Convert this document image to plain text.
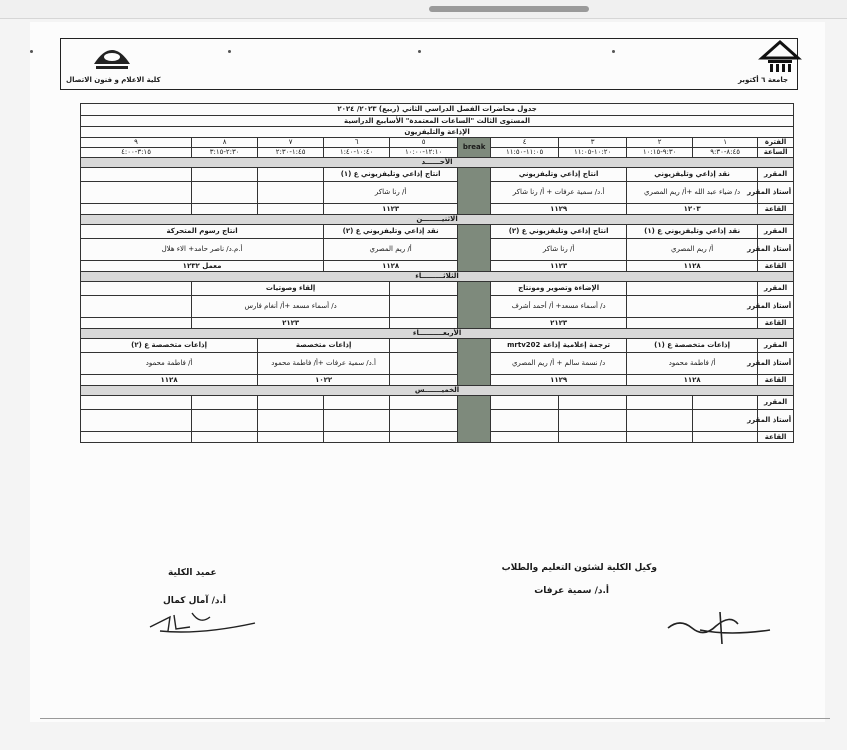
جامعة ٦ أكتوبر
كلية الاعلام و فنون الاتصال
جدول محاضرات الفصل الدراسي الثاني (ربيع) ٢٠٢٣/ ٢٠٢٤										
المستوى الثالث "الساعات المعتمدة" الأسابيع الدراسية										
الإذاعة والتليفزيون										
الفترة	١	٢	٣	٤	break	٥	٦	٧	٨	٩
الساعة	٨:٤٥-٩:٣٠	٩:٣٠-١٠:١٥	١٠:٢٠-١١:٠٥	١١:٠٥-١١:٥٠		١٢:١٠-١٠:٠٠	١٠:٤٠-١:٤٠	١:٤٥-٢:٣٠	٢:٣٠-٣:١٥	٣:١٥-٤:٠٠
الأحــــــد										
المقرر	نقد إذاعي وتليفزيوني		انتاج إذاعي وتليفزيوني			انتاج إذاعي وتليفزيوني ع (١)				
أستاذ المقرر	د/ ضياء عبد الله +أ/ ريم المصري		أ.د/ سمية عرفات + أ/ رنا شاكر			أ/ رنا شاكر				
القاعة	١٢٠٣		١١٢٩			١١٢٣				
الاثنيــــــــن										
المقرر	نقد إذاعي وتليفزيوني ع (١)		انتاج إذاعي وتليفزيوني ع (٢)			نقد إذاعي وتليفزيوني ع (٢)		انتاج رسوم المتحركة		
أستاذ المقرر	أ/ ريم المصري		أ/ رنا شاكر			أ/ ريم المصري		أ.م.د/ ناصر حامد+ الاء هلال		
القاعة	١١٢٨		١١٢٣			١١٢٨		معمل ١٢٣٢		
الثلاثـــــــــاء										
المقرر			الإضاءة وتصوير ومونتاج				إلقاء وصوتيات			
أستاذ المقرر			د/ أسماء مسعد+ أ/ أحمد أشرف				د/ أسماء مسعد +أ/ أنغام فارس			
القاعة			٢١٢٣				٢١٢٣			
الأربعــــــــــاء										
المقرر	إذاعات متخصصة ع (١)		ترجمة إعلامية إذاعة mrtv202				إذاعات متخصصة		إذاعات متخصصة ع (٢)	
أستاذ المقرر	أ/ فاطمة محمود		د/ نسمة سالم + أ/ ريم المصري				أ.د/ سمية عرفات +أ/ فاطمة محمود		أ/ فاطمة محمود	
القاعة	١١٢٨		١١٢٩				١٠٢٢		١١٢٨	
الخميـــــــس										
المقرر										
أستاذ المقرر										
القاعة										
وكيل الكلية لشئون التعليم والطلاب
أ.د/ سمية عرفات
عميد الكلية
أ.د/ آمال كمال
